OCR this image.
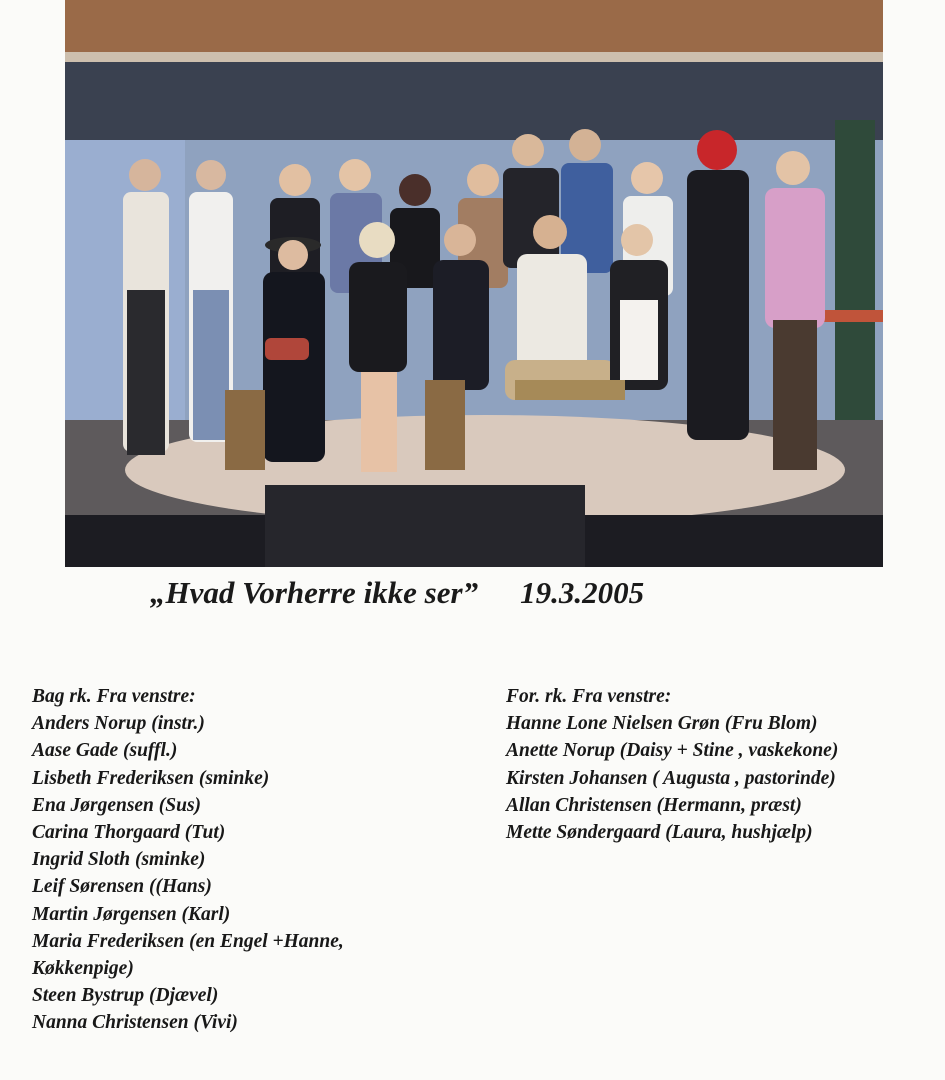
„Hvad Vorherre ikke ser” 19.3.2005
Bag rk. Fra venstre:
Anders Norup (instr.)
Aase Gade (suffl.)
Lisbeth Frederiksen (sminke)
Ena Jørgensen (Sus)
Carina Thorgaard (Tut)
Ingrid Sloth (sminke)
Leif Sørensen ((Hans)
Martin Jørgensen (Karl)
Maria Frederiksen (en Engel +Hanne,
Køkkenpige)
Steen Bystrup (Djævel)
Nanna Christensen (Vivi)
For. rk. Fra venstre:
Hanne Lone Nielsen Grøn (Fru Blom)
Anette Norup (Daisy + Stine , vaskekone)
Kirsten Johansen ( Augusta , pastorinde)
Allan Christensen (Hermann, præst)
Mette Søndergaard (Laura, hushjælp)
